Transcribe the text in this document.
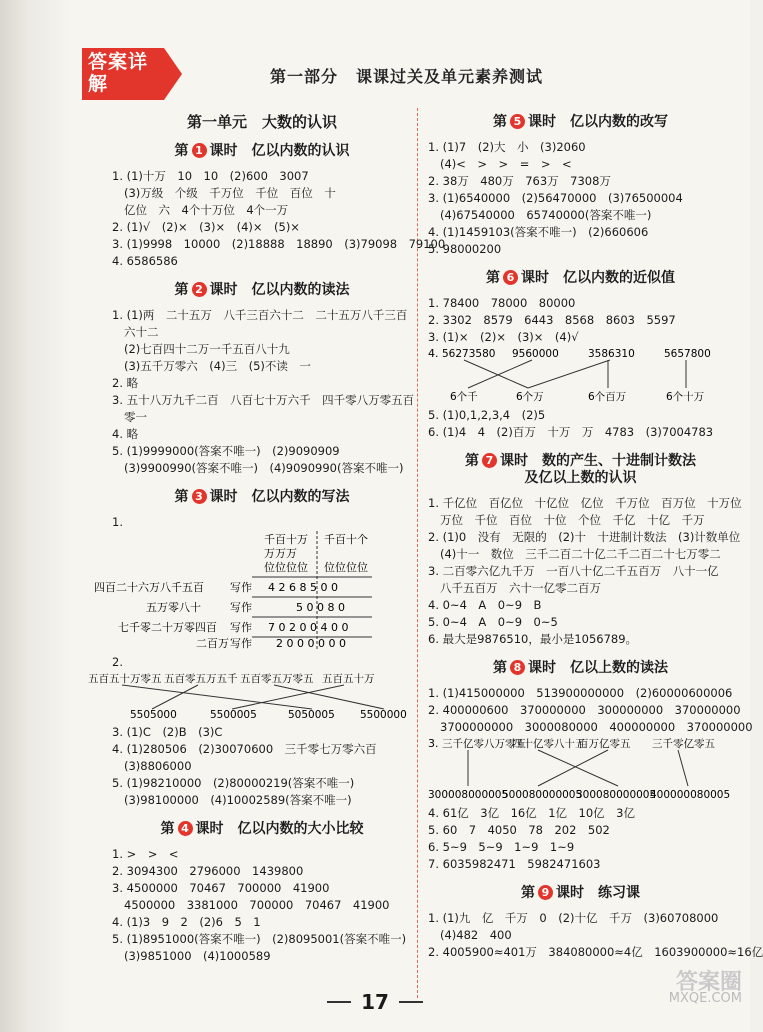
答案详解	第一部分 课课过关及单元素养测试
第一单元　大数的认识
第 1 课时　亿以内数的认识
1. (1)十万　10　10　(2)600　3007
(3)万级　个级　千万位　千位　百位　十
亿位　六　4个十万位　4个一万
2. (1)√　(2)×　(3)×　(4)×　(5)×
3. (1)9998　10000　(2)18888　18890　(3)79098　79100
4. 6586586
第 2 课时　亿以内数的读法
1. (1)两　二十五万　八千三百六十二　二十五万八千三百
六十二
(2)七百四十二万一千五百八十九
(3)五千万零六　(4)三　(5)不读　一
2. 略
3. 五十八万九千二百　八百七十万六千　四千零八万零五百
零一
4. 略
5. (1)9999000(答案不唯一)　(2)9090909
(3)9900990(答案不唯一)　(4)9090990(答案不唯一)
第 3 课时　亿以内数的写法
1.
千百十万
万万万
千百十个
位位位位 位位位位
四百二十六万八千五百 写作 4 2 6 8 5 0 0
五万零八十	写作	5 0 0 8 0
七千零二十万零四百 写作 7 0 2 0 0 4 0 0
二百万 写作 2 0 0 0 0 0 0
2.
五百五十万零五 五百零五万五千 五百零五万零五 五百五十万
5505000	5500005	5050005 5500000
3. (1)C　(2)B　(3)C
4. (1)280506　(2)30070600　三千零七万零六百
(3)8806000
5. (1)98210000　(2)80000219(答案不唯一)
(3)98100000　(4)10002589(答案不唯一)
第 4 课时　亿以内数的大小比较
1. >　>　<
2. 3094300　2796000　1439800
3. 4500000　70467　700000　41900
4500000　3381000　700000　70467　41900
4. (1)3　9　2　(2)6　5　1
5. (1)8951000(答案不唯一)　(2)8095001(答案不唯一)
(3)9851000　(4)1000589
第 5 课时　亿以内数的改写
1. (1)7　(2)大　小　(3)2060
(4)<　>　>　=　>　<
2. 38万　480万　763万　7308万
3. (1)6540000　(2)56470000　(3)76500004
(4)67540000　65740000(答案不唯一)
4. (1)1459103(答案不唯一)　(2)660606
5. 98000200
第 6 课时　亿以内数的近似值
1. 78400　78000　80000
2. 3302　8579　6443　8568　8603　5597
3. (1)×　(2)×　(3)×　(4)√
4. 56273580 9560000	3586310	5657800
6个千	6个万	6个百万	6个十万
5. (1)0,1,2,3,4　(2)5
6. (1)4　4　(2)百万　十万　万　4783　(3)7004783
第 7 课时　数的产生、十进制计数法
及亿以上数的认识
1. 千亿位　百亿位　十亿位　亿位　千万位　百万位　十万位
万位　千位　百位　十位　个位　千亿　十亿　千万
2. (1)0　没有　无限的　(2)十　十进制计数法　(3)计数单位
(4)十一　数位　三千二百二十亿二千二百二十七万零二
3. 二百零六亿九千万　一百八十亿二千五百万　八十一亿
八千五百万　六十一亿零二百万
4. 0~4　A　0~9　B
5. 0~4　A　0~9　0~5
6. 最大是9876510，最小是1056789。
第 8 课时　亿以上数的读法
1. (1)415000000　513900000000　(2)60000600006
2. 400000600　370000000　300000000　370000000
3700000000　3000080000　400000000　370000000
3. 三千亿零八万零五
四十亿零八十五
百万亿零五 三千零亿零五
300008000005
500080000005
300080000005
400000080005
4. 61亿　3亿　16亿　1亿　10亿　3亿
5. 60　7　4050　78　202　502
6. 5~9　5~9　1~9　1~9
7. 6035982471　5982471603
第 9 课时　练习课
1. (1)九　亿　千万　0　(2)十亿　千万　(3)60708000
(4)482　400
2. 4005900≈401万　384080000≈4亿　1603900000≈16亿
17
答案圈
MXQE.COM
